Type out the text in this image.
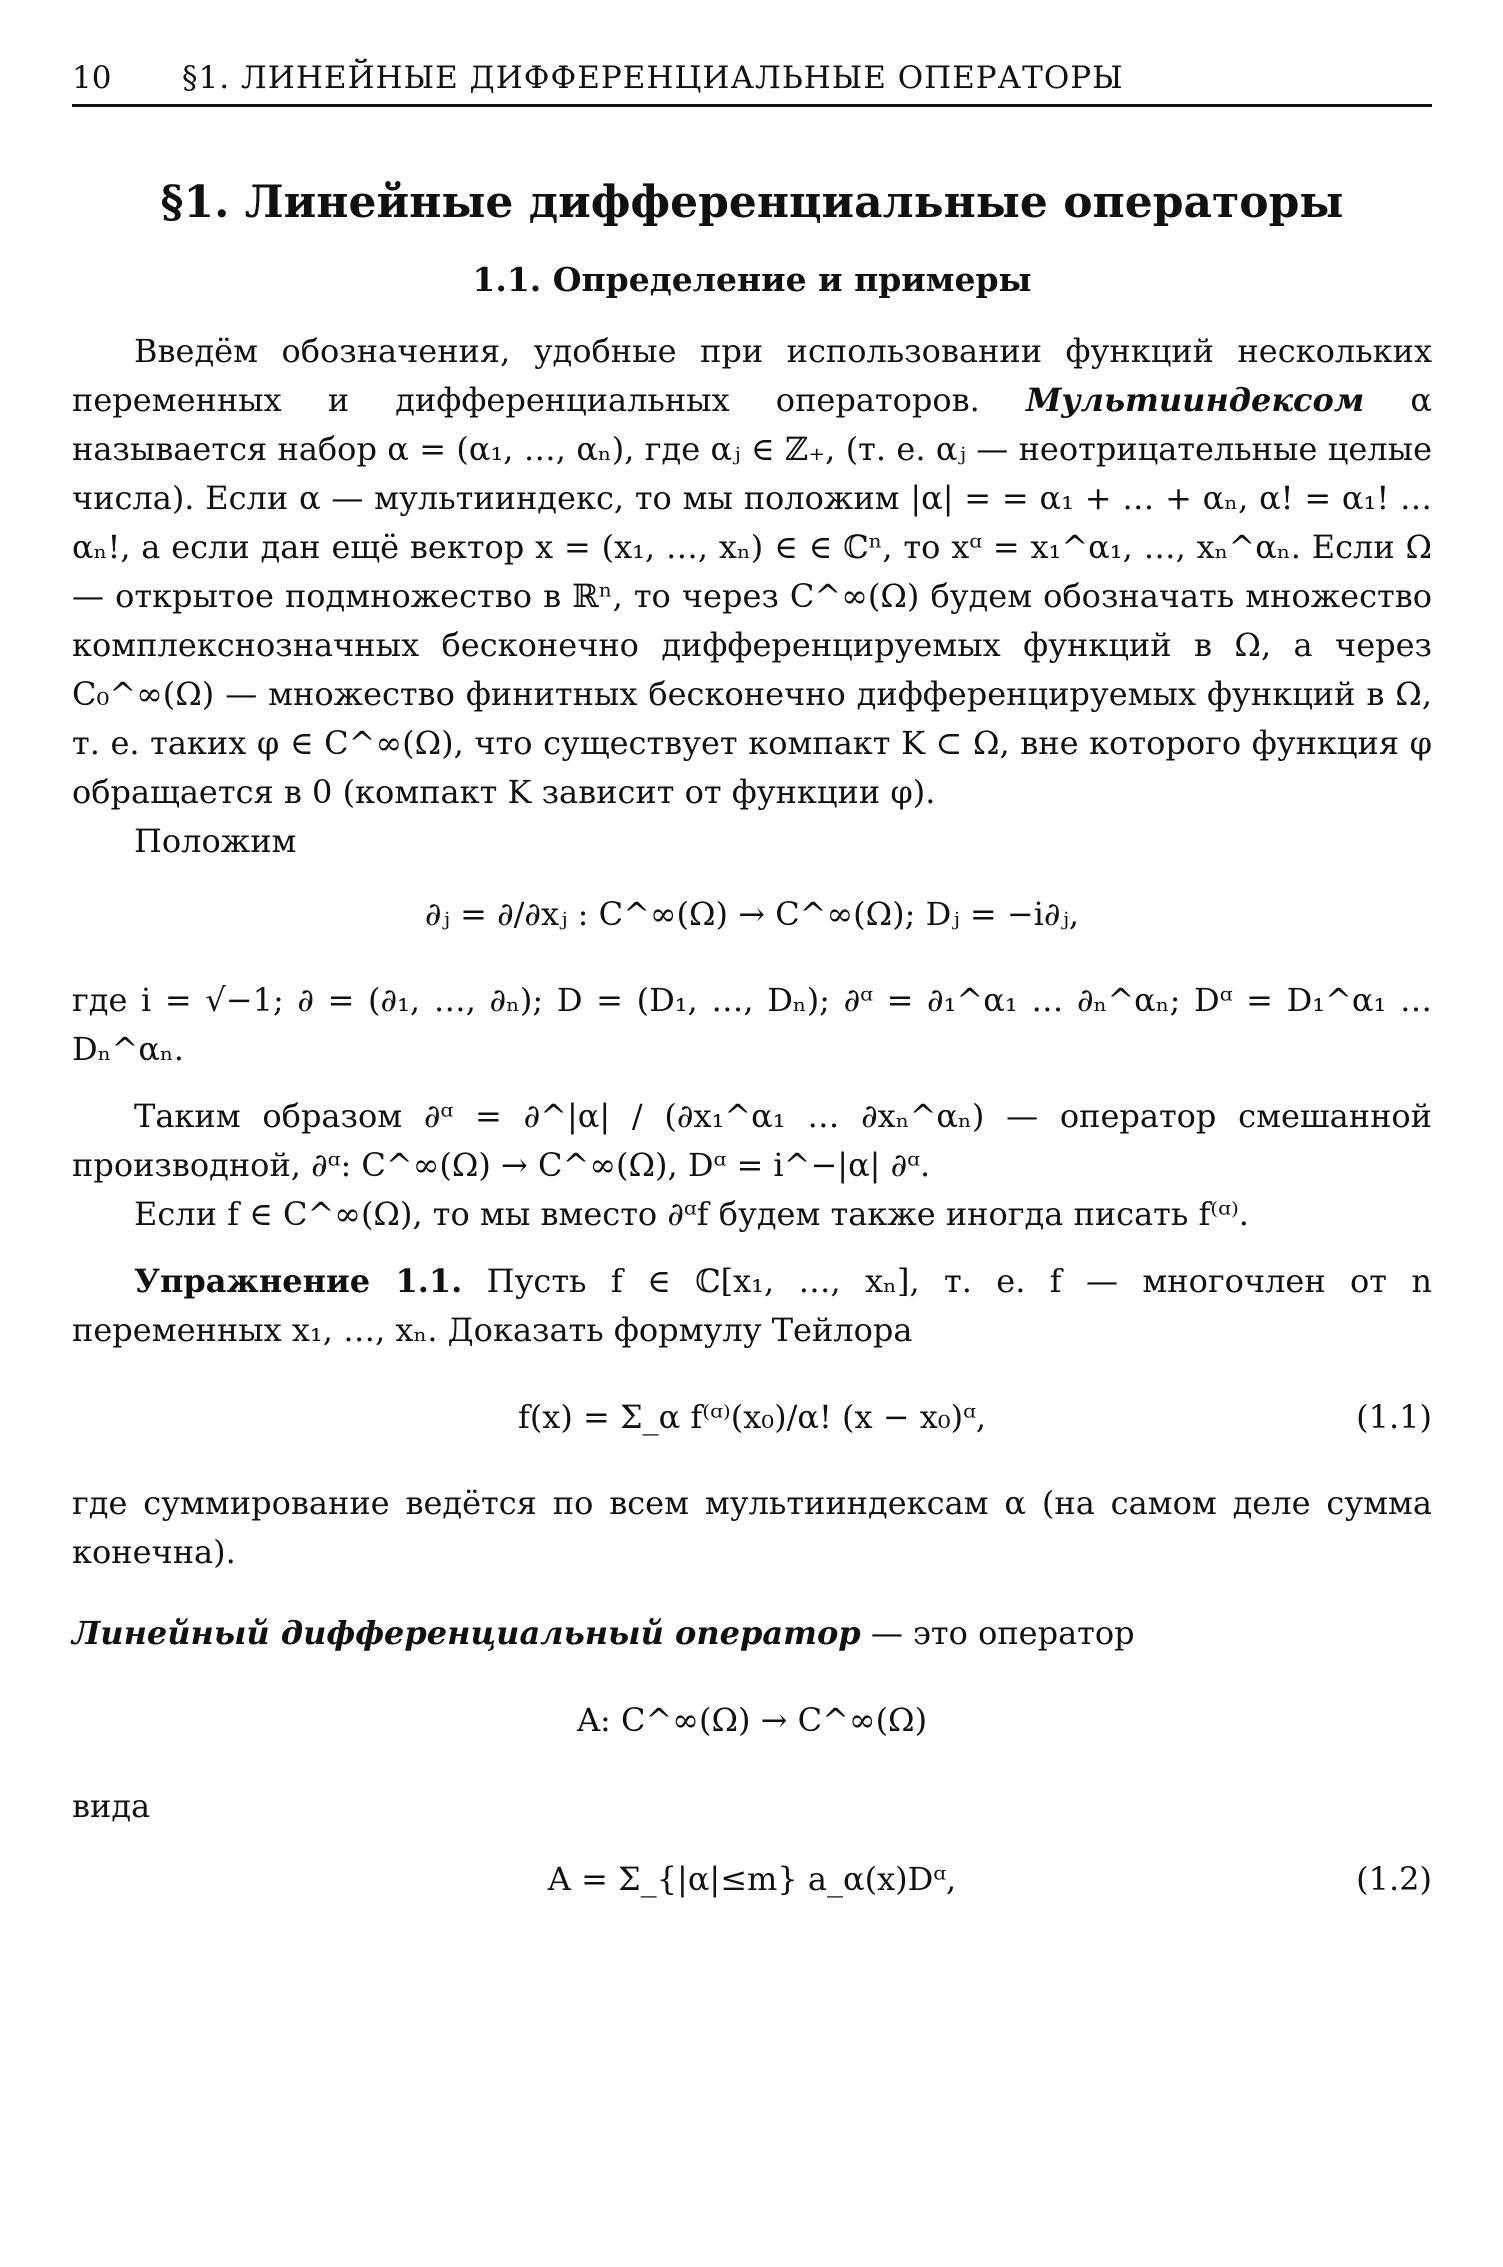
10	§1. ЛИНЕЙНЫЕ ДИФФЕРЕНЦИАЛЬНЫЕ ОПЕРАТОРЫ
§1. Линейные дифференциальные операторы
1.1. Определение и примеры

Введём обозначения, удобные при использовании функций нескольких переменных и дифференциальных операторов. Мультииндексом α называется набор α = (α₁, …, αₙ), где αⱼ ∈ ℤ₊, (т. е. αⱼ — неотрицательные целые числа). Если α — мультииндекс, то мы положим |α| = = α₁ + … + αₙ, α! = α₁! … αₙ!, а если дан ещё вектор x = (x₁, …, xₙ) ∈ ∈ ℂⁿ, то xᵅ = x₁^α₁, …, xₙ^αₙ. Если Ω — открытое подмножество в ℝⁿ, то через C^∞(Ω) будем обозначать множество комплекснозначных бесконечно дифференцируемых функций в Ω, а через C₀^∞(Ω) — множество финитных бесконечно дифференцируемых функций в Ω, т. е. таких φ ∈ C^∞(Ω), что существует компакт K ⊂ Ω, вне которого функция φ обращается в 0 (компакт K зависит от функции φ).

Положим

∂ⱼ = ∂/∂xⱼ : C^∞(Ω) → C^∞(Ω); Dⱼ = −i∂ⱼ,

где i = √−1; ∂ = (∂₁, …, ∂ₙ); D = (D₁, …, Dₙ); ∂ᵅ = ∂₁^α₁ … ∂ₙ^αₙ; Dᵅ = D₁^α₁ … Dₙ^αₙ.

Таким образом ∂ᵅ = ∂^|α| / (∂x₁^α₁ … ∂xₙ^αₙ) — оператор смешанной производной, ∂ᵅ: C^∞(Ω) → C^∞(Ω), Dᵅ = i^−|α| ∂ᵅ.

Если f ∈ C^∞(Ω), то мы вместо ∂ᵅf будем также иногда писать f⁽ᵅ⁾.

Упражнение 1.1. Пусть f ∈ ℂ[x₁, …, xₙ], т. е. f — многочлен от n переменных x₁, …, xₙ. Доказать формулу Тейлора

f(x) = Σ_α f⁽ᵅ⁾(x₀)/α! (x − x₀)ᵅ,	(1.1)

где суммирование ведётся по всем мультииндексам α (на самом деле сумма конечна).

Линейный дифференциальный оператор — это оператор

A: C^∞(Ω) → C^∞(Ω)

вида

A = Σ_{|α|≤m} a_α(x)Dᵅ,	(1.2)
